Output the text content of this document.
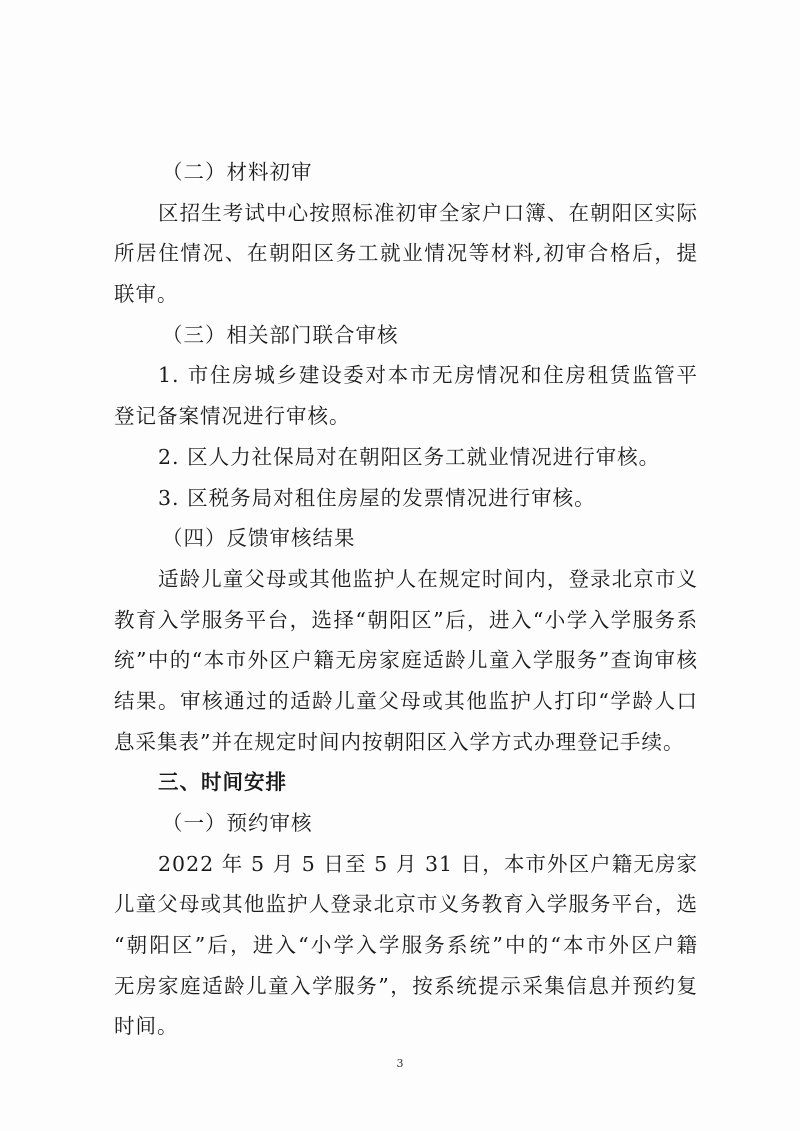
（二）材料初审
区招生考试中心按照标准初审全家户口簿、在朝阳区实际
所居住情况、在朝阳区务工就业情况等材料,初审合格后，提
联审。
（三）相关部门联合审核
1. 市住房城乡建设委对本市无房情况和住房租赁监管平
登记备案情况进行审核。
2. 区人力社保局对在朝阳区务工就业情况进行审核。
3. 区税务局对租住房屋的发票情况进行审核。
（四）反馈审核结果
适龄儿童父母或其他监护人在规定时间内，登录北京市义
教育入学服务平台，选择“朝阳区”后，进入“小学入学服务系
统”中的“本市外区户籍无房家庭适龄儿童入学服务”查询审核
结果。审核通过的适龄儿童父母或其他监护人打印“学龄人口
息采集表”并在规定时间内按朝阳区入学方式办理登记手续。
三、时间安排
（一）预约审核
2022 年 5 月 5 日至 5 月 31 日，本市外区户籍无房家
儿童父母或其他监护人登录北京市义务教育入学服务平台，选
“朝阳区”后，进入“小学入学服务系统”中的“本市外区户籍
无房家庭适龄儿童入学服务”，按系统提示采集信息并预约复
时间。
3
